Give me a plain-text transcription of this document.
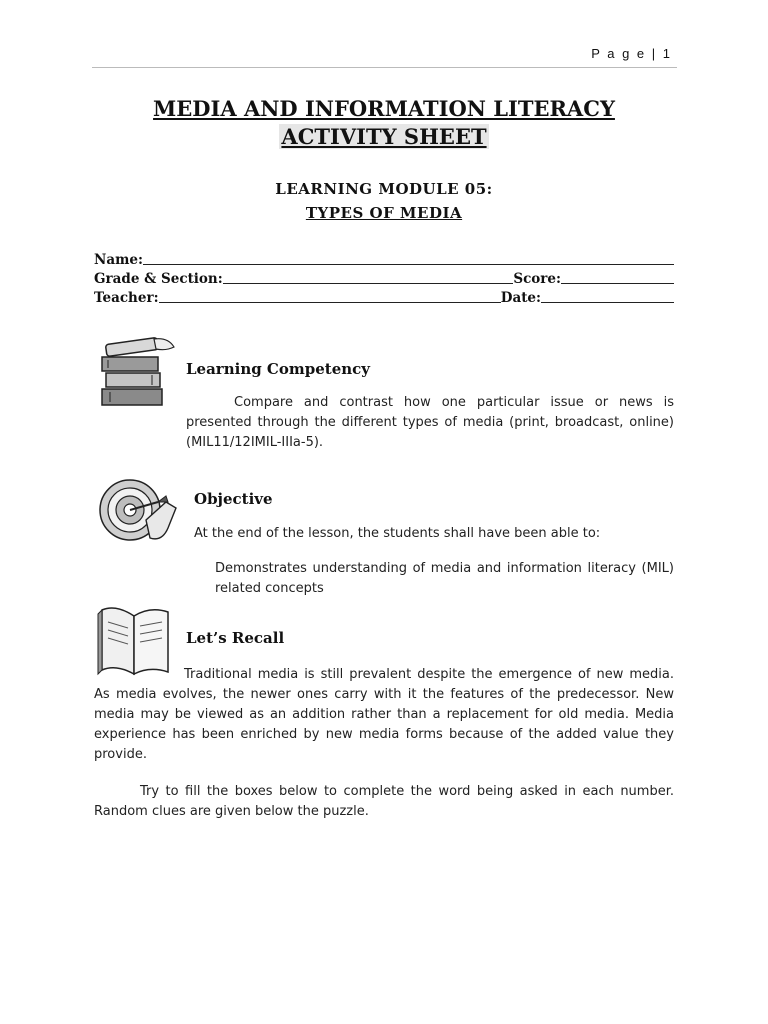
P a g e | 1
MEDIA AND INFORMATION LITERACY
ACTIVITY SHEET
LEARNING MODULE 05:
TYPES OF MEDIA
Name:
Grade & Section:	Score:
Teacher:	Date:
Learning Competency
Compare and contrast how one particular issue or news is presented through the different types of media (print, broadcast, online) (MIL11/12IMIL-IIIa-5).
Objective
At the end of the lesson, the students shall have been able to:
Demonstrates understanding of media and information literacy (MIL) related concepts
Let’s Recall
Traditional media is still prevalent despite the emergence of new media. As media evolves, the newer ones carry with it the features of the predecessor. New media may be viewed as an addition rather than a replacement for old media. Media experience has been enriched by new media forms because of the added value they provide.
Try to fill the boxes below to complete the word being asked in each number. Random clues are given below the puzzle.
